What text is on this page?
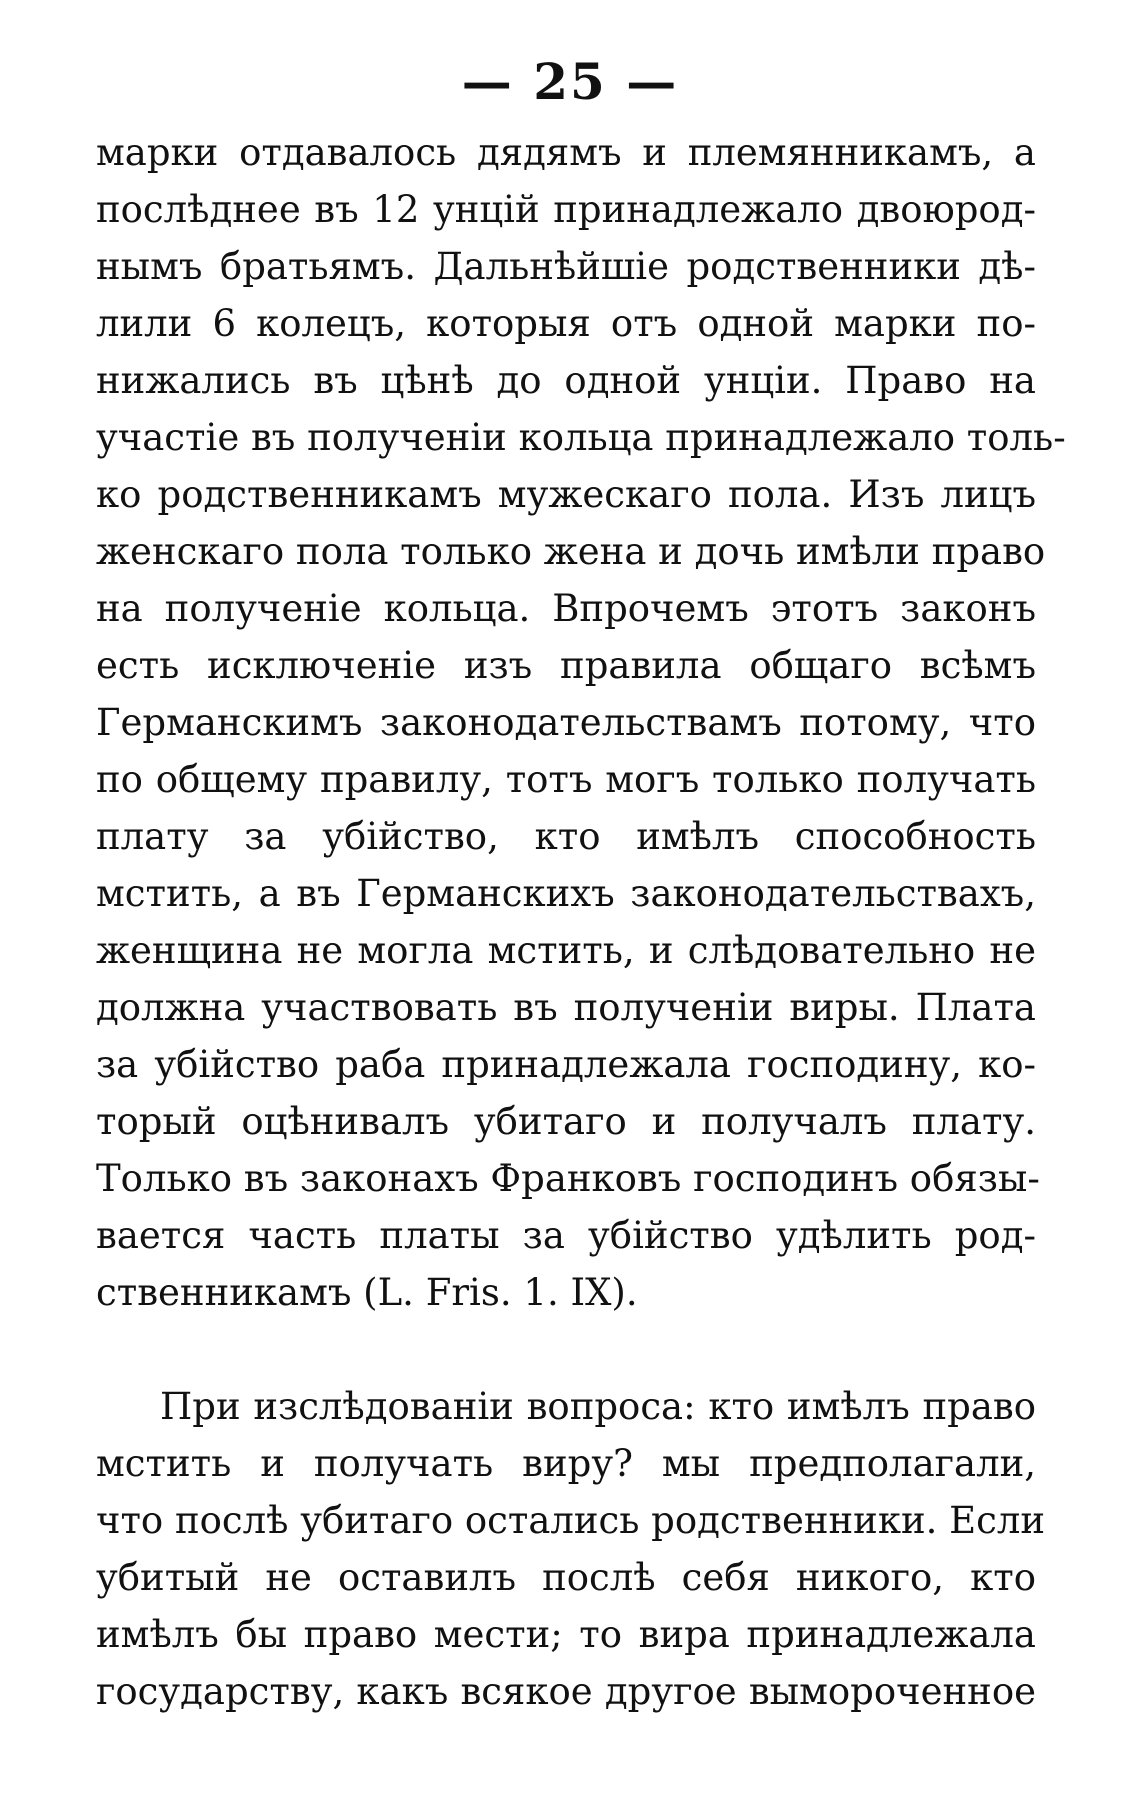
— 25 —
марки отдавалось дядямъ и племянникамъ, а
послѣднее въ 12 унцій принадлежало двоюрод-
нымъ братьямъ. Дальнѣйшіе родственники дѣ-
лили 6 колецъ, которыя отъ одной марки по-
нижались въ цѣнѣ до одной унціи. Право на
участіе въ полученіи кольца принадлежало толь-
ко родственникамъ мужескаго пола. Изъ лицъ
женскаго пола только жена и дочь имѣли право
на полученіе кольца. Впрочемъ этотъ законъ
есть исключеніе изъ правила общаго всѣмъ
Германскимъ законодательствамъ потому, что
по общему правилу, тотъ могъ только получать
плату за убійство, кто имѣлъ способность
мстить, а въ Германскихъ законодательствахъ,
женщина не могла мстить, и слѣдовательно не
должна участвовать въ полученіи виры. Плата
за убійство раба принадлежала господину, ко-
торый оцѣнивалъ убитаго и получалъ плату.
Только въ законахъ Франковъ господинъ обязы-
вается часть платы за убійство удѣлить род-
ственникамъ (L. Fris. 1. IX).
При изслѣдованіи вопроса: кто имѣлъ право
мстить и получать виру? мы предполагали,
что послѣ убитаго остались родственники. Если
убитый не оставилъ послѣ себя никого, кто
имѣлъ бы право мести; то вира принадлежала
государству, какъ всякое другое вымороченное
